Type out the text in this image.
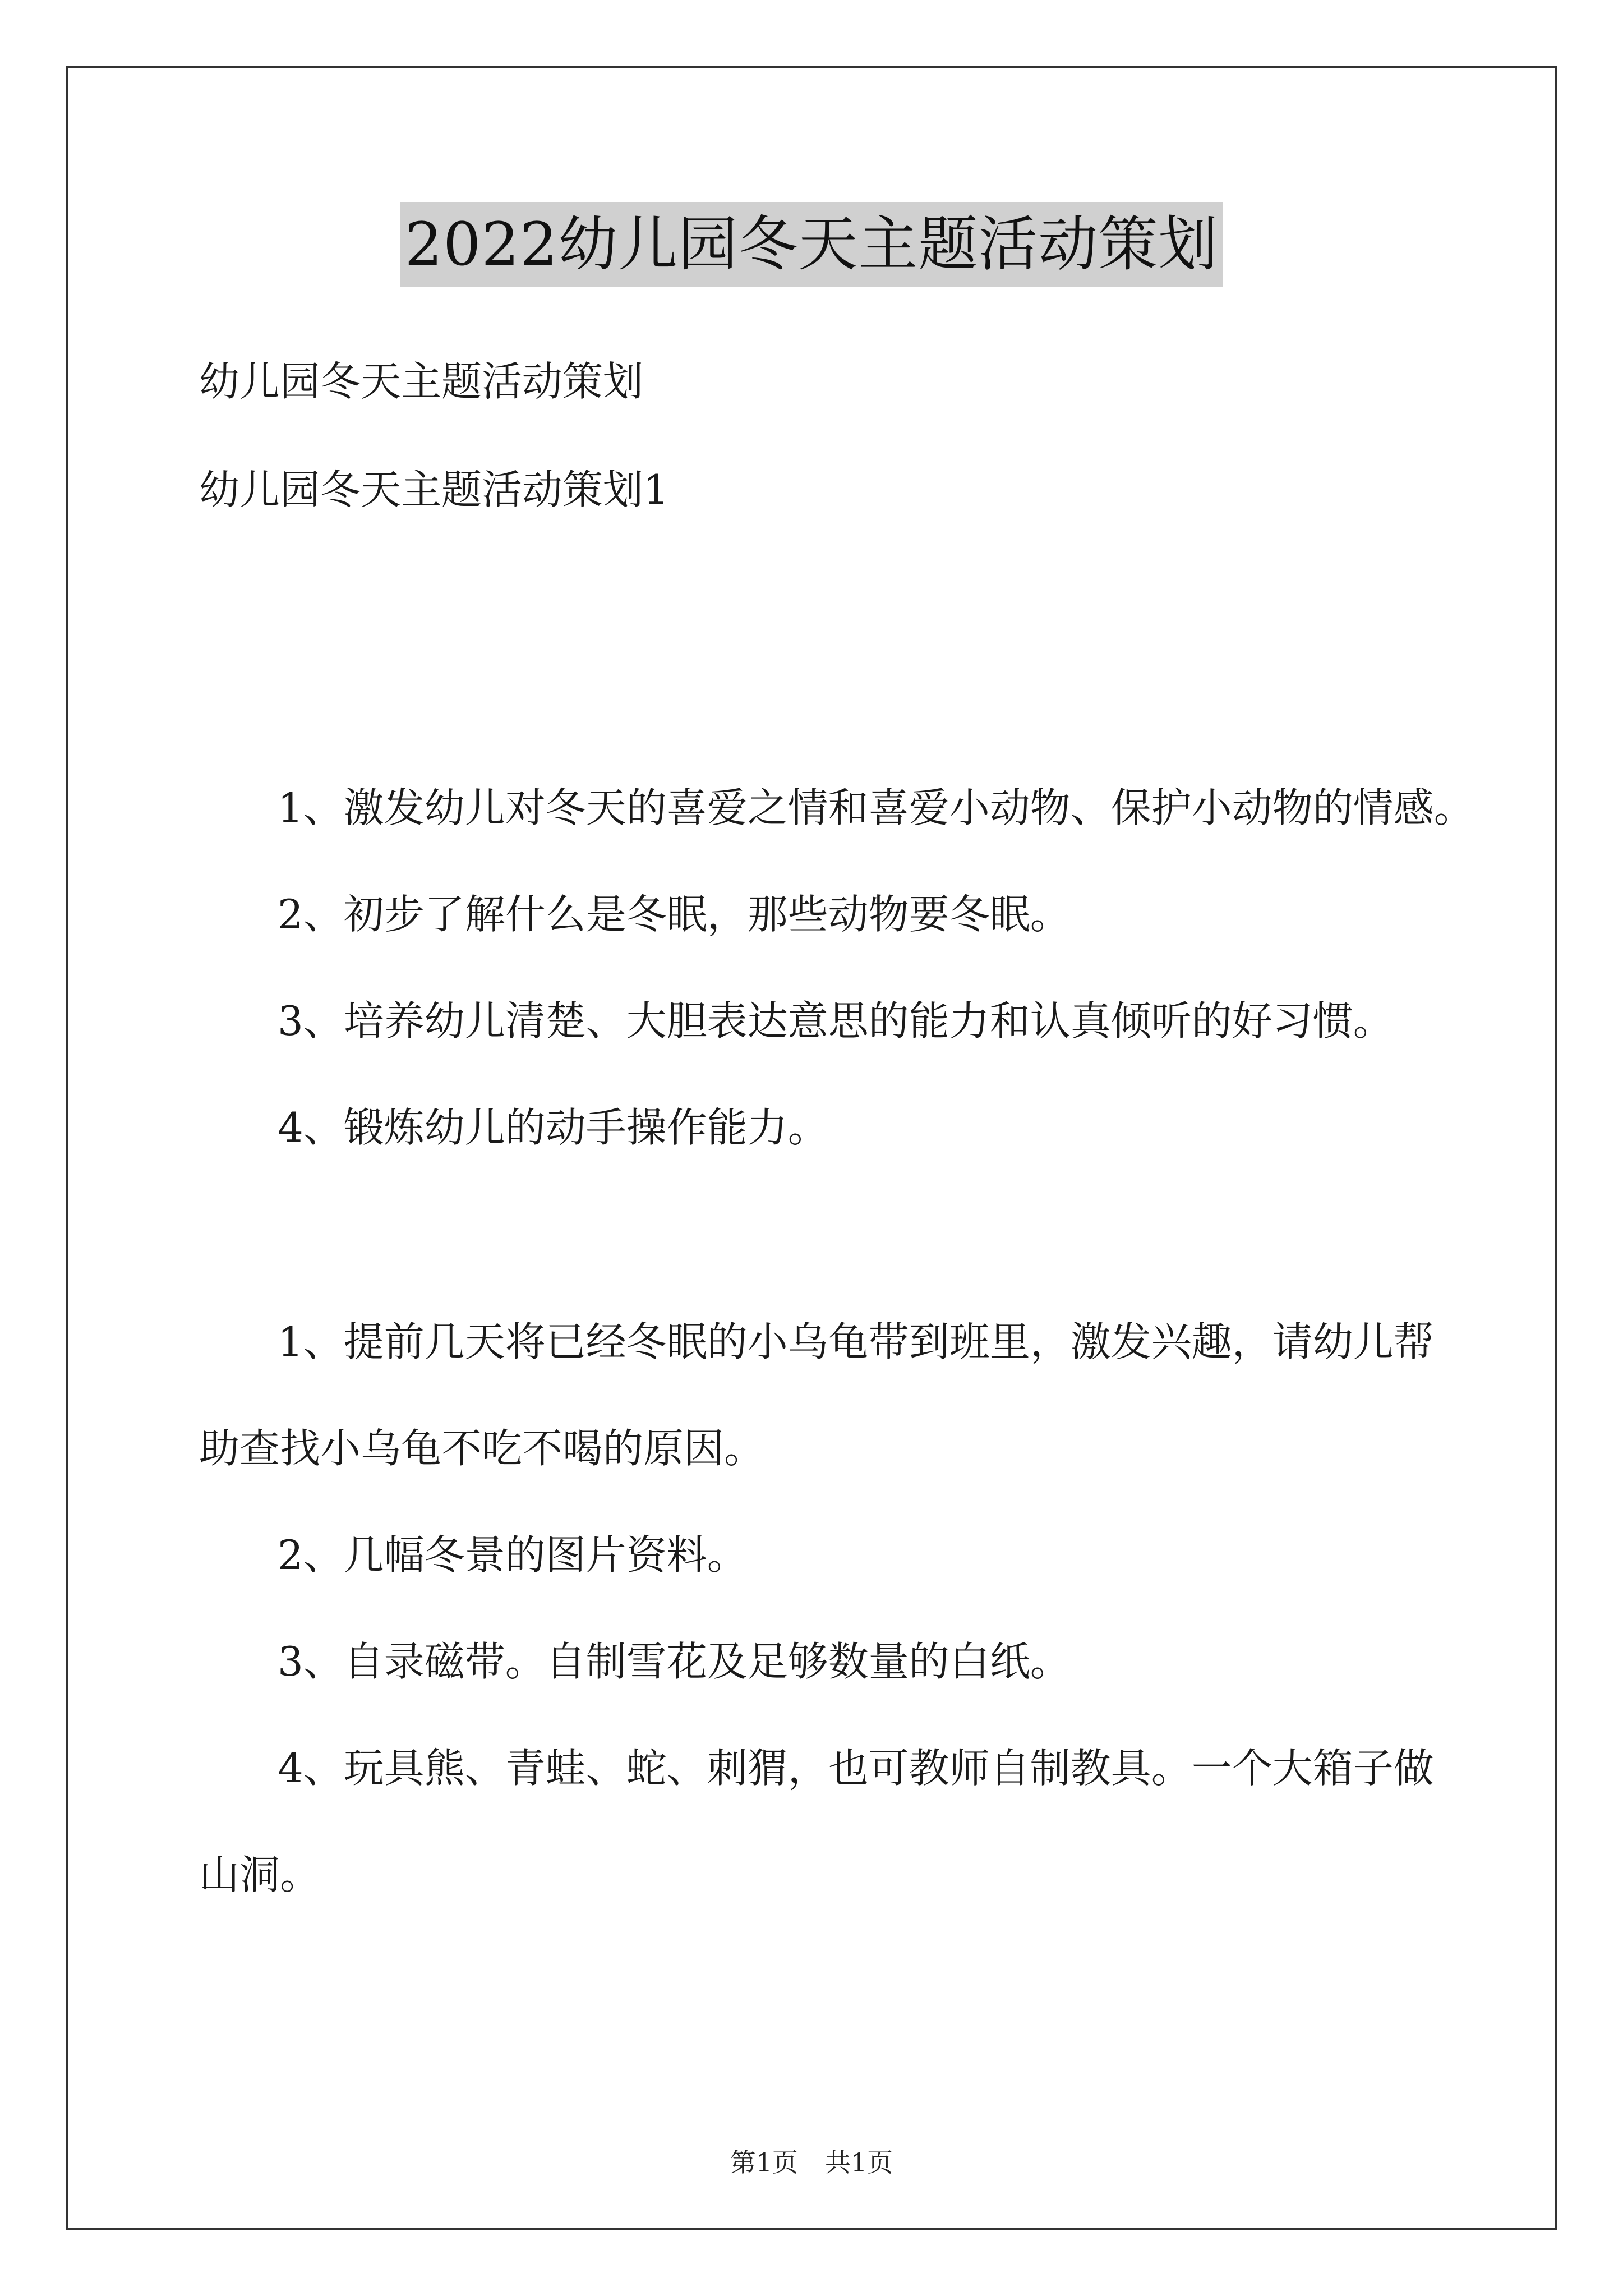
2022幼儿园冬天主题活动策划
幼儿园冬天主题活动策划
幼儿园冬天主题活动策划1
1、激发幼儿对冬天的喜爱之情和喜爱小动物、保护小动物的情感。
2、初步了解什么是冬眠，那些动物要冬眠。
3、培养幼儿清楚、大胆表达意思的能力和认真倾听的好习惯。
4、锻炼幼儿的动手操作能力。
1、提前几天将已经冬眠的小乌龟带到班里，激发兴趣，请幼儿帮
助查找小乌龟不吃不喝的原因。
2、几幅冬景的图片资料。
3、自录磁带。自制雪花及足够数量的白纸。
4、玩具熊、青蛙、蛇、刺猬，也可教师自制教具。一个大箱子做
山洞。
第1页 共1页
